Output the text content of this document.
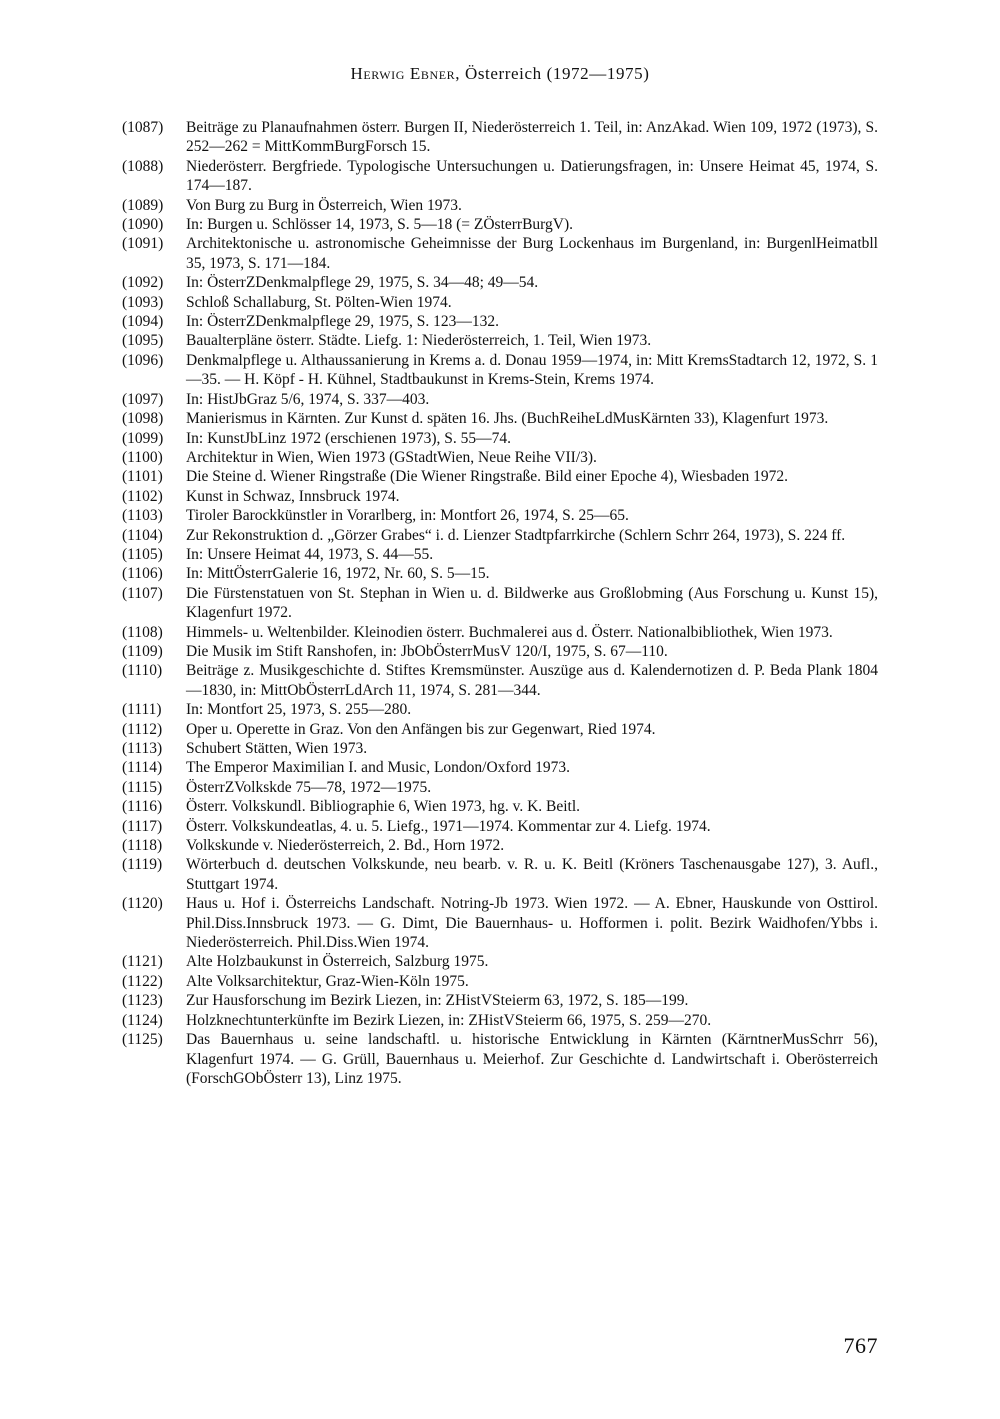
Herwig Ebner, Österreich (1972—1975)
(1087)	Beiträge zu Planaufnahmen österr. Burgen II, Niederösterreich 1. Teil, in: AnzAkad. Wien 109, 1972 (1973), S. 252—262 = MittKommBurgForsch 15.
(1088)	Niederösterr. Bergfriede. Typologische Untersuchungen u. Datierungsfragen, in: Unsere Heimat 45, 1974, S. 174—187.
(1089)	Von Burg zu Burg in Österreich, Wien 1973.
(1090)	In: Burgen u. Schlösser 14, 1973, S. 5—18 (= ZÖsterrBurgV).
(1091)	Architektonische u. astronomische Geheimnisse der Burg Lockenhaus im Burgenland, in: BurgenlHeimatbll 35, 1973, S. 171—184.
(1092)	In: ÖsterrZDenkmalpflege 29, 1975, S. 34—48; 49—54.
(1093)	Schloß Schallaburg, St. Pölten-Wien 1974.
(1094)	In: ÖsterrZDenkmalpflege 29, 1975, S. 123—132.
(1095)	Baualterpläne österr. Städte. Liefg. 1: Niederösterreich, 1. Teil, Wien 1973.
(1096)	Denkmalpflege u. Althaussanierung in Krems a. d. Donau 1959—1974, in: Mitt KremsStadtarch 12, 1972, S. 1—35. — H. Köpf - H. Kühnel, Stadtbaukunst in Krems-Stein, Krems 1974.
(1097)	In: HistJbGraz 5/6, 1974, S. 337—403.
(1098)	Manierismus in Kärnten. Zur Kunst d. späten 16. Jhs. (BuchReiheLdMusKärnten 33), Klagenfurt 1973.
(1099)	In: KunstJbLinz 1972 (erschienen 1973), S. 55—74.
(1100)	Architektur in Wien, Wien 1973 (GStadtWien, Neue Reihe VII/3).
(1101)	Die Steine d. Wiener Ringstraße (Die Wiener Ringstraße. Bild einer Epoche 4), Wiesbaden 1972.
(1102)	Kunst in Schwaz, Innsbruck 1974.
(1103)	Tiroler Barockkünstler in Vorarlberg, in: Montfort 26, 1974, S. 25—65.
(1104)	Zur Rekonstruktion d. „Görzer Grabes“ i. d. Lienzer Stadtpfarrkirche (Schlern Schrr 264, 1973), S. 224 ff.
(1105)	In: Unsere Heimat 44, 1973, S. 44—55.
(1106)	In: MittÖsterrGalerie 16, 1972, Nr. 60, S. 5—15.
(1107)	Die Fürstenstatuen von St. Stephan in Wien u. d. Bildwerke aus Großlobming (Aus Forschung u. Kunst 15), Klagenfurt 1972.
(1108)	Himmels- u. Weltenbilder. Kleinodien österr. Buchmalerei aus d. Österr. Nationalbibliothek, Wien 1973.
(1109)	Die Musik im Stift Ranshofen, in: JbObÖsterrMusV 120/I, 1975, S. 67—110.
(1110)	Beiträge z. Musikgeschichte d. Stiftes Kremsmünster. Auszüge aus d. Kalendernotizen d. P. Beda Plank 1804—1830, in: MittObÖsterrLdArch 11, 1974, S. 281—344.
(1111)	In: Montfort 25, 1973, S. 255—280.
(1112)	Oper u. Operette in Graz. Von den Anfängen bis zur Gegenwart, Ried 1974.
(1113)	Schubert Stätten, Wien 1973.
(1114)	The Emperor Maximilian I. and Music, London/Oxford 1973.
(1115)	ÖsterrZVolkskde 75—78, 1972—1975.
(1116)	Österr. Volkskundl. Bibliographie 6, Wien 1973, hg. v. K. Beitl.
(1117)	Österr. Volkskundeatlas, 4. u. 5. Liefg., 1971—1974. Kommentar zur 4. Liefg. 1974.
(1118)	Volkskunde v. Niederösterreich, 2. Bd., Horn 1972.
(1119)	Wörterbuch d. deutschen Volkskunde, neu bearb. v. R. u. K. Beitl (Kröners Taschenausgabe 127), 3. Aufl., Stuttgart 1974.
(1120)	Haus u. Hof i. Österreichs Landschaft. Notring-Jb 1973. Wien 1972. — A. Ebner, Hauskunde von Osttirol. Phil.Diss.Innsbruck 1973. — G. Dimt, Die Bauernhaus- u. Hofformen i. polit. Bezirk Waidhofen/Ybbs i. Niederösterreich. Phil.Diss.Wien 1974.
(1121)	Alte Holzbaukunst in Österreich, Salzburg 1975.
(1122)	Alte Volksarchitektur, Graz-Wien-Köln 1975.
(1123)	Zur Hausforschung im Bezirk Liezen, in: ZHistVSteierm 63, 1972, S. 185—199.
(1124)	Holzknechtunterkünfte im Bezirk Liezen, in: ZHistVSteierm 66, 1975, S. 259—270.
(1125)	Das Bauernhaus u. seine landschaftl. u. historische Entwicklung in Kärnten (KärntnerMusSchrr 56), Klagenfurt 1974. — G. Grüll, Bauernhaus u. Meierhof. Zur Geschichte d. Landwirtschaft i. Oberösterreich (ForschGObÖsterr 13), Linz 1975.
767
